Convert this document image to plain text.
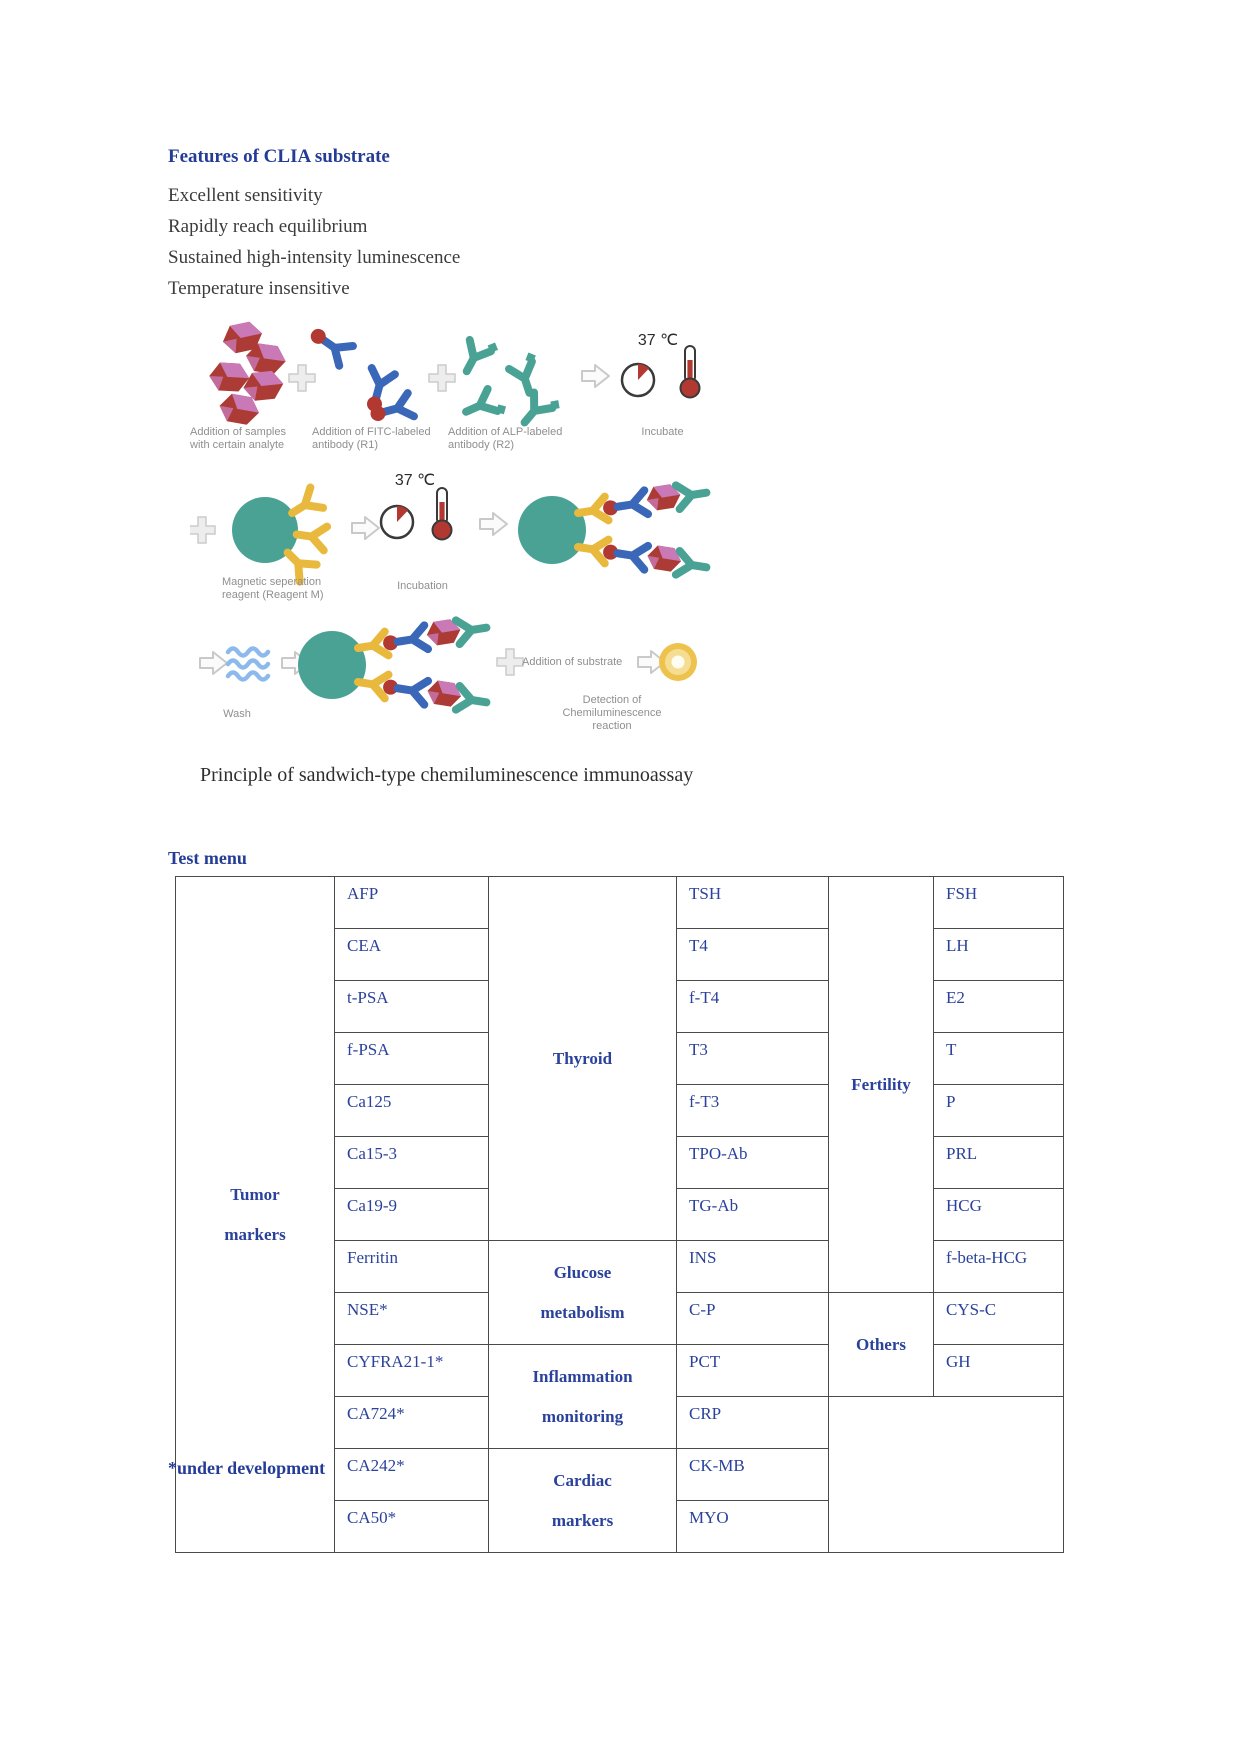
Features of CLIA substrate
Excellent sensitivity
Rapidly reach equilibrium
Sustained high-intensity luminescence
Temperature insensitive
37 ℃
37 ℃
Addition of samples with certain analyte
Addition of FITC-labeled antibody (R1)
Addition of ALP-labeled antibody (R2)
Incubate
Magnetic seperation reagent (Reagent M)
Incubation
Wash
Addition of substrate
Detection of Chemiluminescence reaction
Principle of sandwich-type chemiluminescence immunoassay
Test menu
Tumor markers	AFP	Thyroid	TSH	Fertility	FSH
	CEA		T4		LH
	t-PSA		f-T4		E2
	f-PSA		T3		T
	Ca125		f-T3		P
	Ca15-3		TPO-Ab		PRL
	Ca19-9		TG-Ab		HCG
	Ferritin	Glucose metabolism	INS		f-beta-HCG
	NSE*		C-P	Others	CYS-C
	CYFRA21-1*	Inflammation monitoring	PCT		GH
	CA724*		CRP		
	CA242*	Cardiac markers	CK-MB		
	CA50*		MYO		
*under development
